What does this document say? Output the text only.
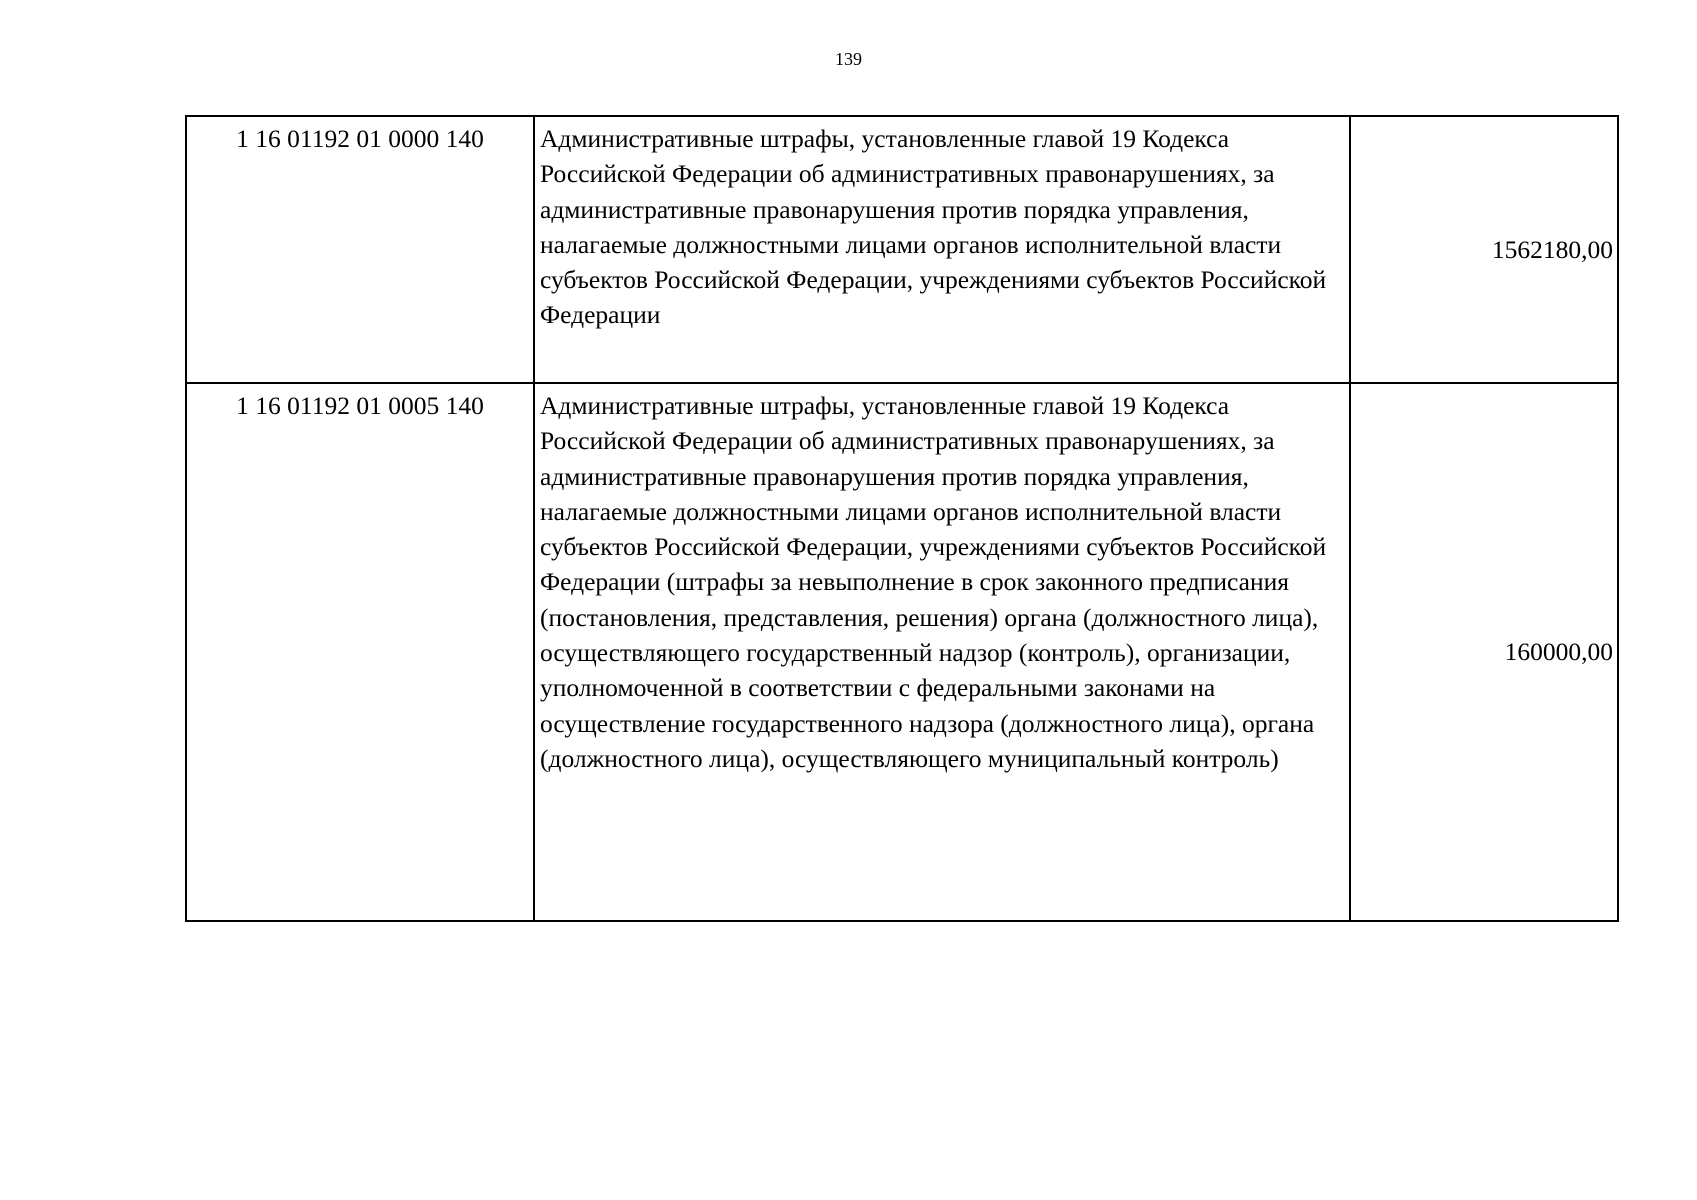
139
1 16 01192 01 0000 140	Административные штрафы, установленные главой 19 Кодекса Российской Федерации об административных правонарушениях, за административные правонарушения против порядка управления, налагаемые должностными лицами органов исполнительной власти субъектов Российской Федерации, учреждениями субъектов Российской Федерации	1562180,00
1 16 01192 01 0005 140	Административные штрафы, установленные главой 19 Кодекса Российской Федерации об административных правонарушениях, за административные правонарушения против порядка управления, налагаемые должностными лицами органов исполнительной власти субъектов Российской Федерации, учреждениями субъектов Российской Федерации (штрафы за невыполнение в срок законного предписания (постановления, представления, решения) органа (должностного лица), осуществляющего государственный надзор (контроль), организации, уполномоченной в соответствии с федеральными законами на осуществление государственного надзора (должностного лица), органа (должностного лица), осуществляющего муниципальный контроль)	160000,00
